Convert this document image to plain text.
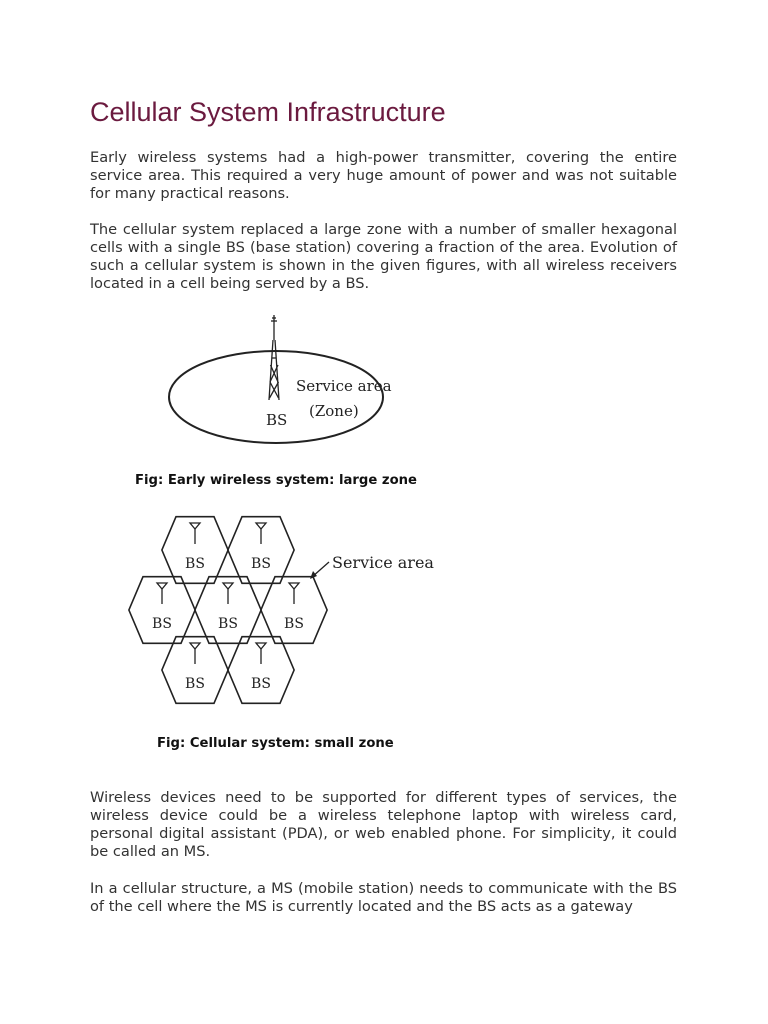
Cellular System Infrastructure

Early wireless systems had a high-power transmitter, covering the entire service area. This required a very huge amount of power and was not suitable for many practical reasons.

The cellular system replaced a large zone with a number of smaller hexagonal cells with a single BS (base station) covering a fraction of the area. Evolution of such a cellular system is shown in the given figures, with all wireless receivers located in a cell being served by a BS.

Wireless devices need to be supported for different types of services, the wireless device could be a wireless telephone laptop with wireless card, personal digital assistant (PDA), or web enabled phone. For simplicity, it could be called an MS.

In a cellular structure, a MS (mobile station) needs to communicate with the BS of the cell where the MS is currently located and the BS acts as a gateway

BS
Service area
(Zone)

Fig: Early wireless system: large zone

BS	BS
BS	BS	BS
BS	BS
Service area

Fig: Cellular system: small zone
